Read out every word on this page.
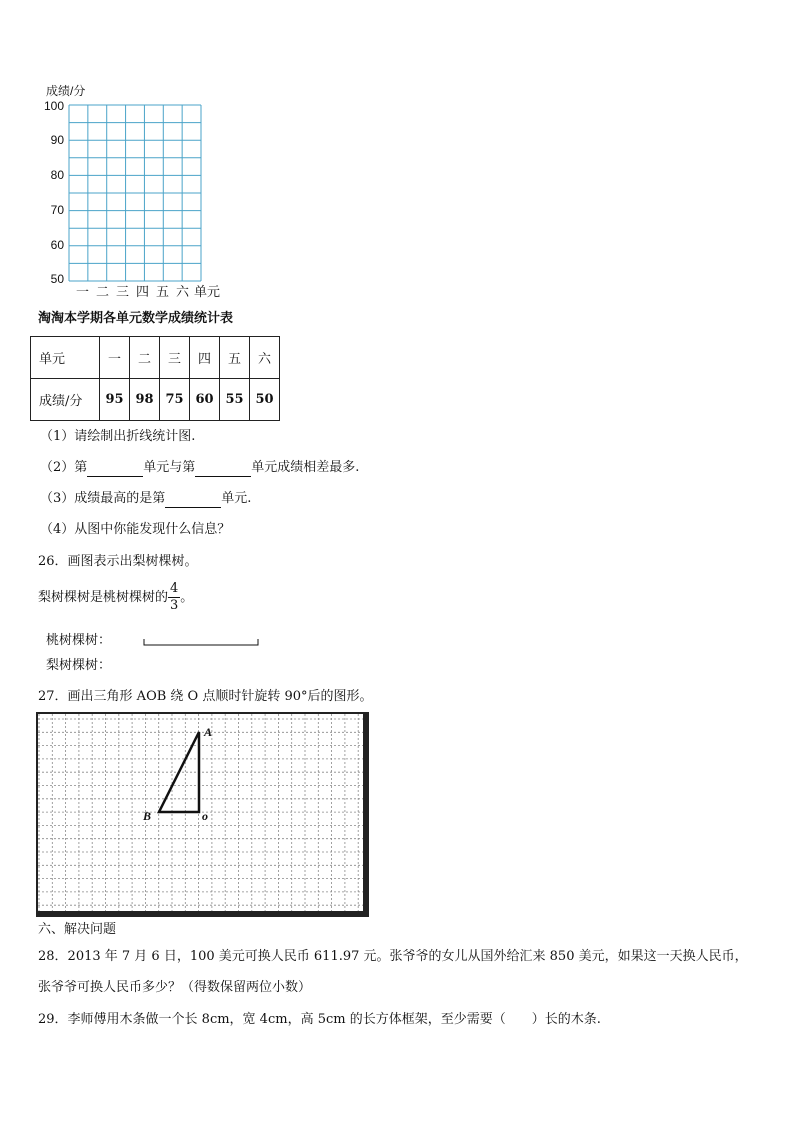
成绩/分
100
90
80
70
60
50
一 二 三 四 五 六 单元
淘淘本学期各单元数学成绩统计表
单元	一	二	三	四	五	六
成绩/分	95	98	75	60	55	50
（1）请绘制出折线统计图.
（2）第	单元与第	单元成绩相差最多.
（3）成绩最高的是第	单元.
（4）从图中你能发现什么信息？
26．画图表示出梨树棵树。
梨树棵树是桃树棵树的 $\frac{4}{3}$ 。
桃树棵树：
梨树棵树：
27．画出三角形 AOB 绕 O 点顺时针旋转 90°后的图形。
A
B	o
六、解决问题
28．2013 年 7 月 6 日，100 美元可换人民币 611.97 元。张爷爷的女儿从国外给汇来 850 美元，如果这一天换人民币，
张爷爷可换人民币多少？（得数保留两位小数）
29．李师傅用木条做一个长 8cm，宽 4cm，高 5cm 的长方体框架，至少需要（　　）长的木条.
